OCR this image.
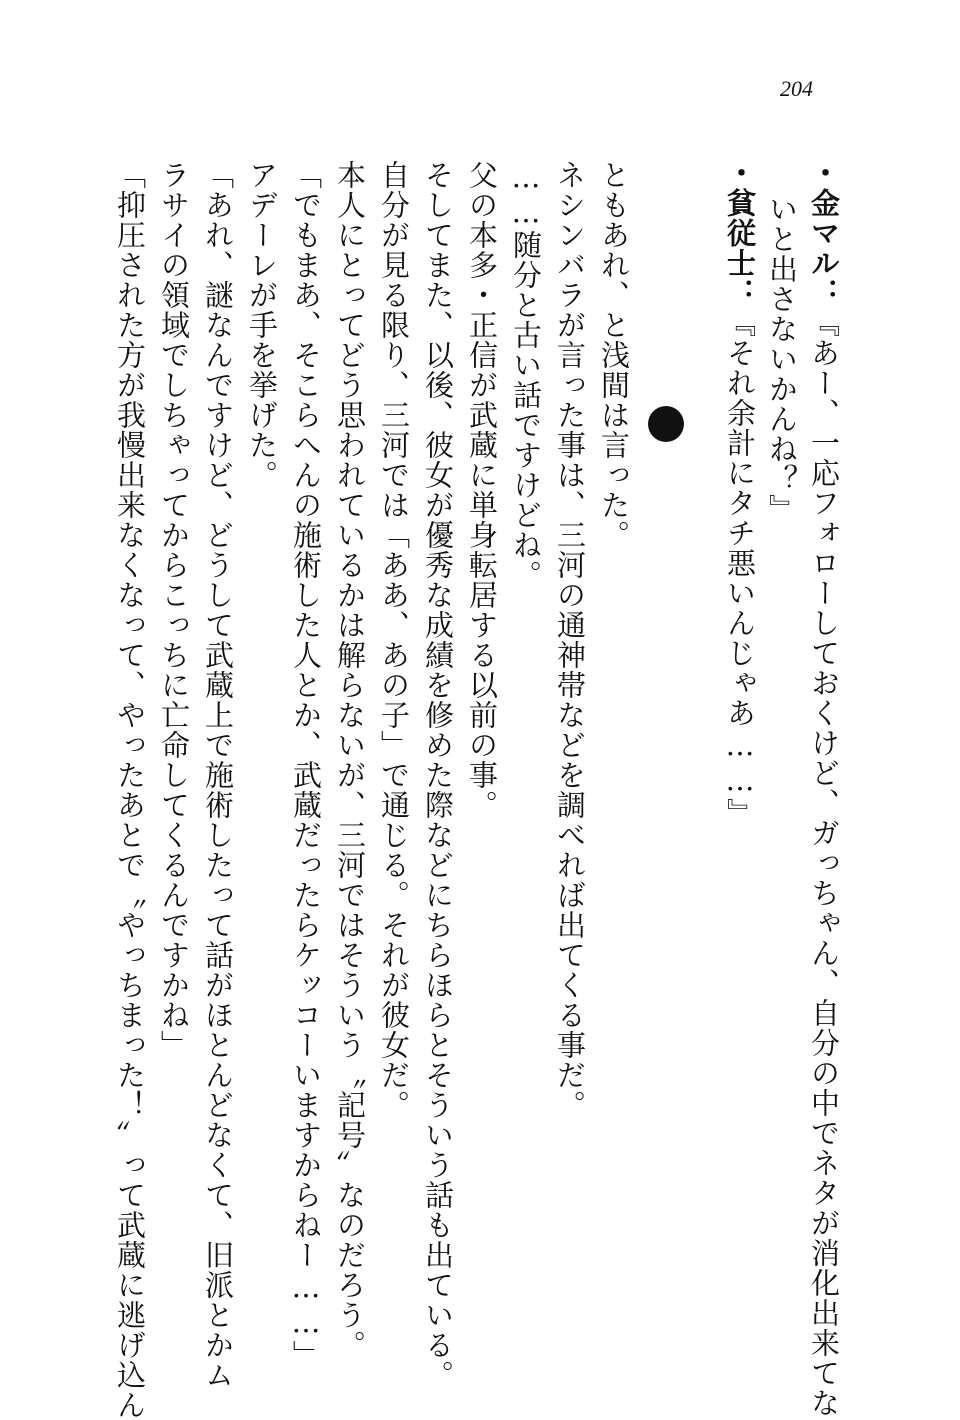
204
・金マル：『あー、一応フォローしておくけど、ガっちゃん、自分の中でネタが消化出来てな
いと出さないかんね？』
・貧従士：『それ余計にタチ悪いんじゃあ……』
ともあれ、と浅間は言った。
ネシンバラが言った事は、三河の通神帯などを調べれば出てくる事だ。
……随分と古い話ですけどね。
父の本多・正信が武蔵に単身転居する以前の事。
そしてまた、以後、彼女が優秀な成績を修めた際などにちらほらとそういう話も出ている。
自分が見る限り、三河では「ああ、あの子」で通じる。それが彼女だ。
本人にとってどう思われているかは解らないが、三河ではそういう〝記号〟なのだろう。
「でもまあ、そこらへんの施術した人とか、武蔵だったらケッコーいますからねー……」
アデーレが手を挙げた。
「あれ、謎なんですけど、どうして武蔵上で施術したって話がほとんどなくて、旧派とかム
ラサイの領域でしちゃってからこっちに亡命してくるんですかね」
「抑圧された方が我慢出来なくなって、やったあとで〝やっちまった！〟って武蔵に逃げ込ん
